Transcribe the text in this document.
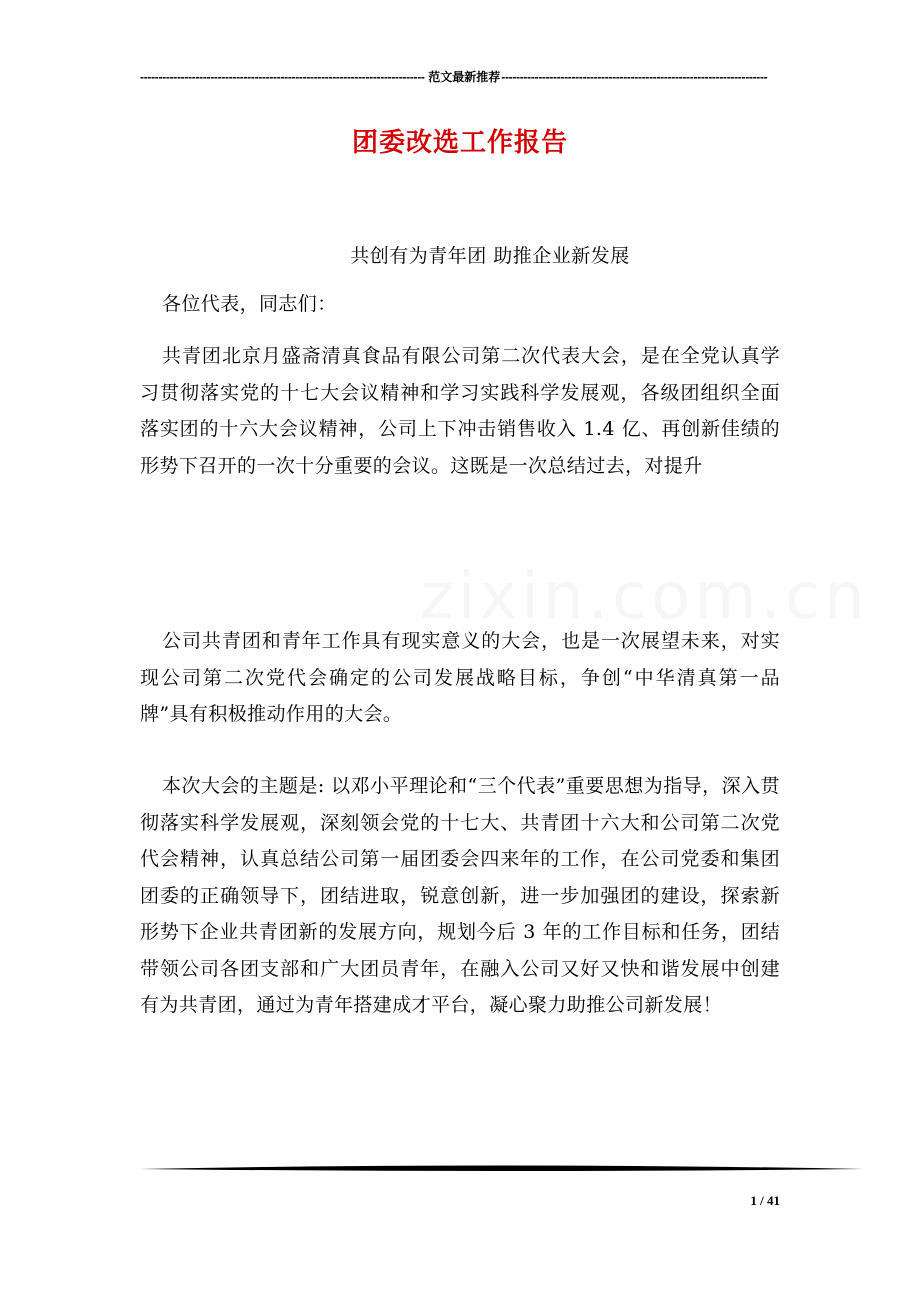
----------------------------------------------------------------------------- 范文最新推荐 ------------------------------------------------------------------------
团委改选工作报告
共创有为青年团 助推企业新发展
各位代表，同志们：
共青团北京月盛斋清真食品有限公司第二次代表大会，是在全党认真学习贯彻落实党的十七大会议精神和学习实践科学发展观，各级团组织全面落实团的十六大会议精神，公司上下冲击销售收入 1.4 亿、再创新佳绩的形势下召开的一次十分重要的会议。这既是一次总结过去，对提升
公司共青团和青年工作具有现实意义的大会，也是一次展望未来，对实现公司第二次党代会确定的公司发展战略目标，争创“中华清真第一品牌”具有积极推动作用的大会。
本次大会的主题是: 以邓小平理论和“三个代表”重要思想为指导，深入贯彻落实科学发展观，深刻领会党的十七大、共青团十六大和公司第二次党代会精神，认真总结公司第一届团委会四来年的工作，在公司党委和集团团委的正确领导下，团结进取，锐意创新，进一步加强团的建设，探索新形势下企业共青团新的发展方向，规划今后 3 年的工作目标和任务，团结带领公司各团支部和广大团员青年，在融入公司又好又快和谐发展中创建有为共青团，通过为青年搭建成才平台，凝心聚力助推公司新发展！
1 / 41
